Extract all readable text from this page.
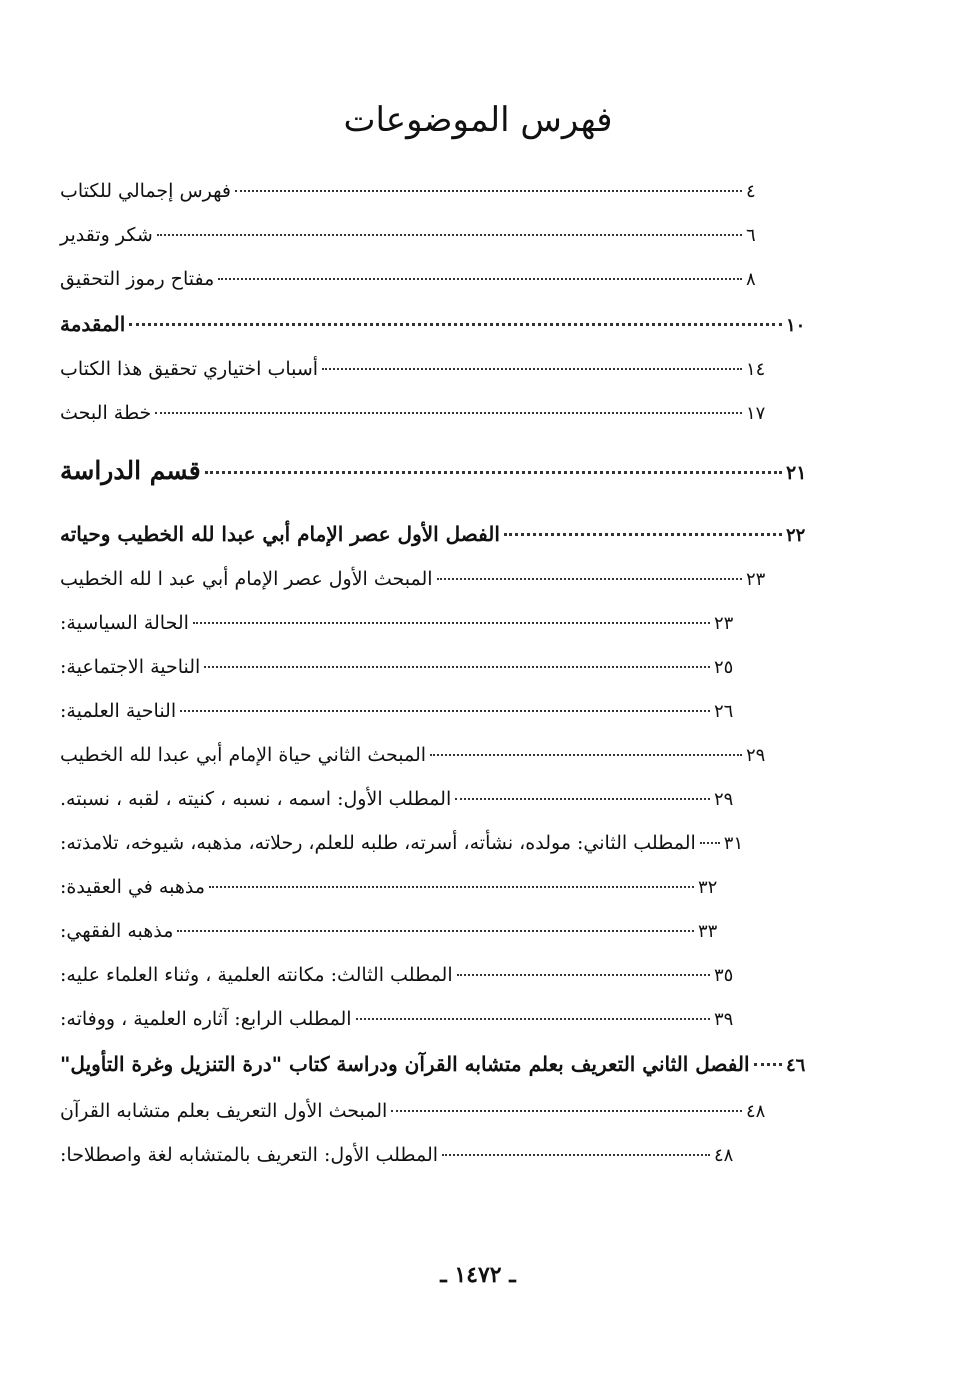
فهرس الموضوعات
فهرس إجمالي للكتاب	٤
شكر وتقدير	٦
مفتاح رموز التحقيق	٨
المقدمة	١٠
أسباب اختياري تحقيق هذا الكتاب	١٤
خطة البحث	١٧
قسم الدراسة	٢١
الفصل الأول عصر الإمام أبي عبدا لله الخطيب وحياته	٢٢
المبحث الأول عصر الإمام أبي عبد ا لله الخطيب	٢٣
الحالة السياسية:	٢٣
الناحية الاجتماعية:	٢٥
الناحية العلمية:	٢٦
المبحث الثاني حياة الإمام أبي عبدا لله الخطيب	٢٩
المطلب الأول: اسمه ، نسبه ، كنيته ، لقبه ، نسبته.	٢٩
المطلب الثاني: مولده، نشأته، أسرته، طلبه للعلم، رحلاته، مذهبه، شيوخه، تلامذته: ٣١
مذهبه في العقيدة:	٣٢
مذهبه الفقهي:	٣٣
المطلب الثالث: مكانته العلمية ، وثناء العلماء عليه:	٣٥
المطلب الرابع: آثاره العلمية ، ووفاته:	٣٩
الفصل الثاني التعريف بعلم متشابه القرآن ودراسة كتاب "درة التنزيل وغرة التأويل" ٤٦
المبحث الأول التعريف بعلم متشابه القرآن	٤٨
المطلب الأول: التعريف بالمتشابه لغة واصطلاحا:	٤٨
ـ ١٤٧٢ ـ
